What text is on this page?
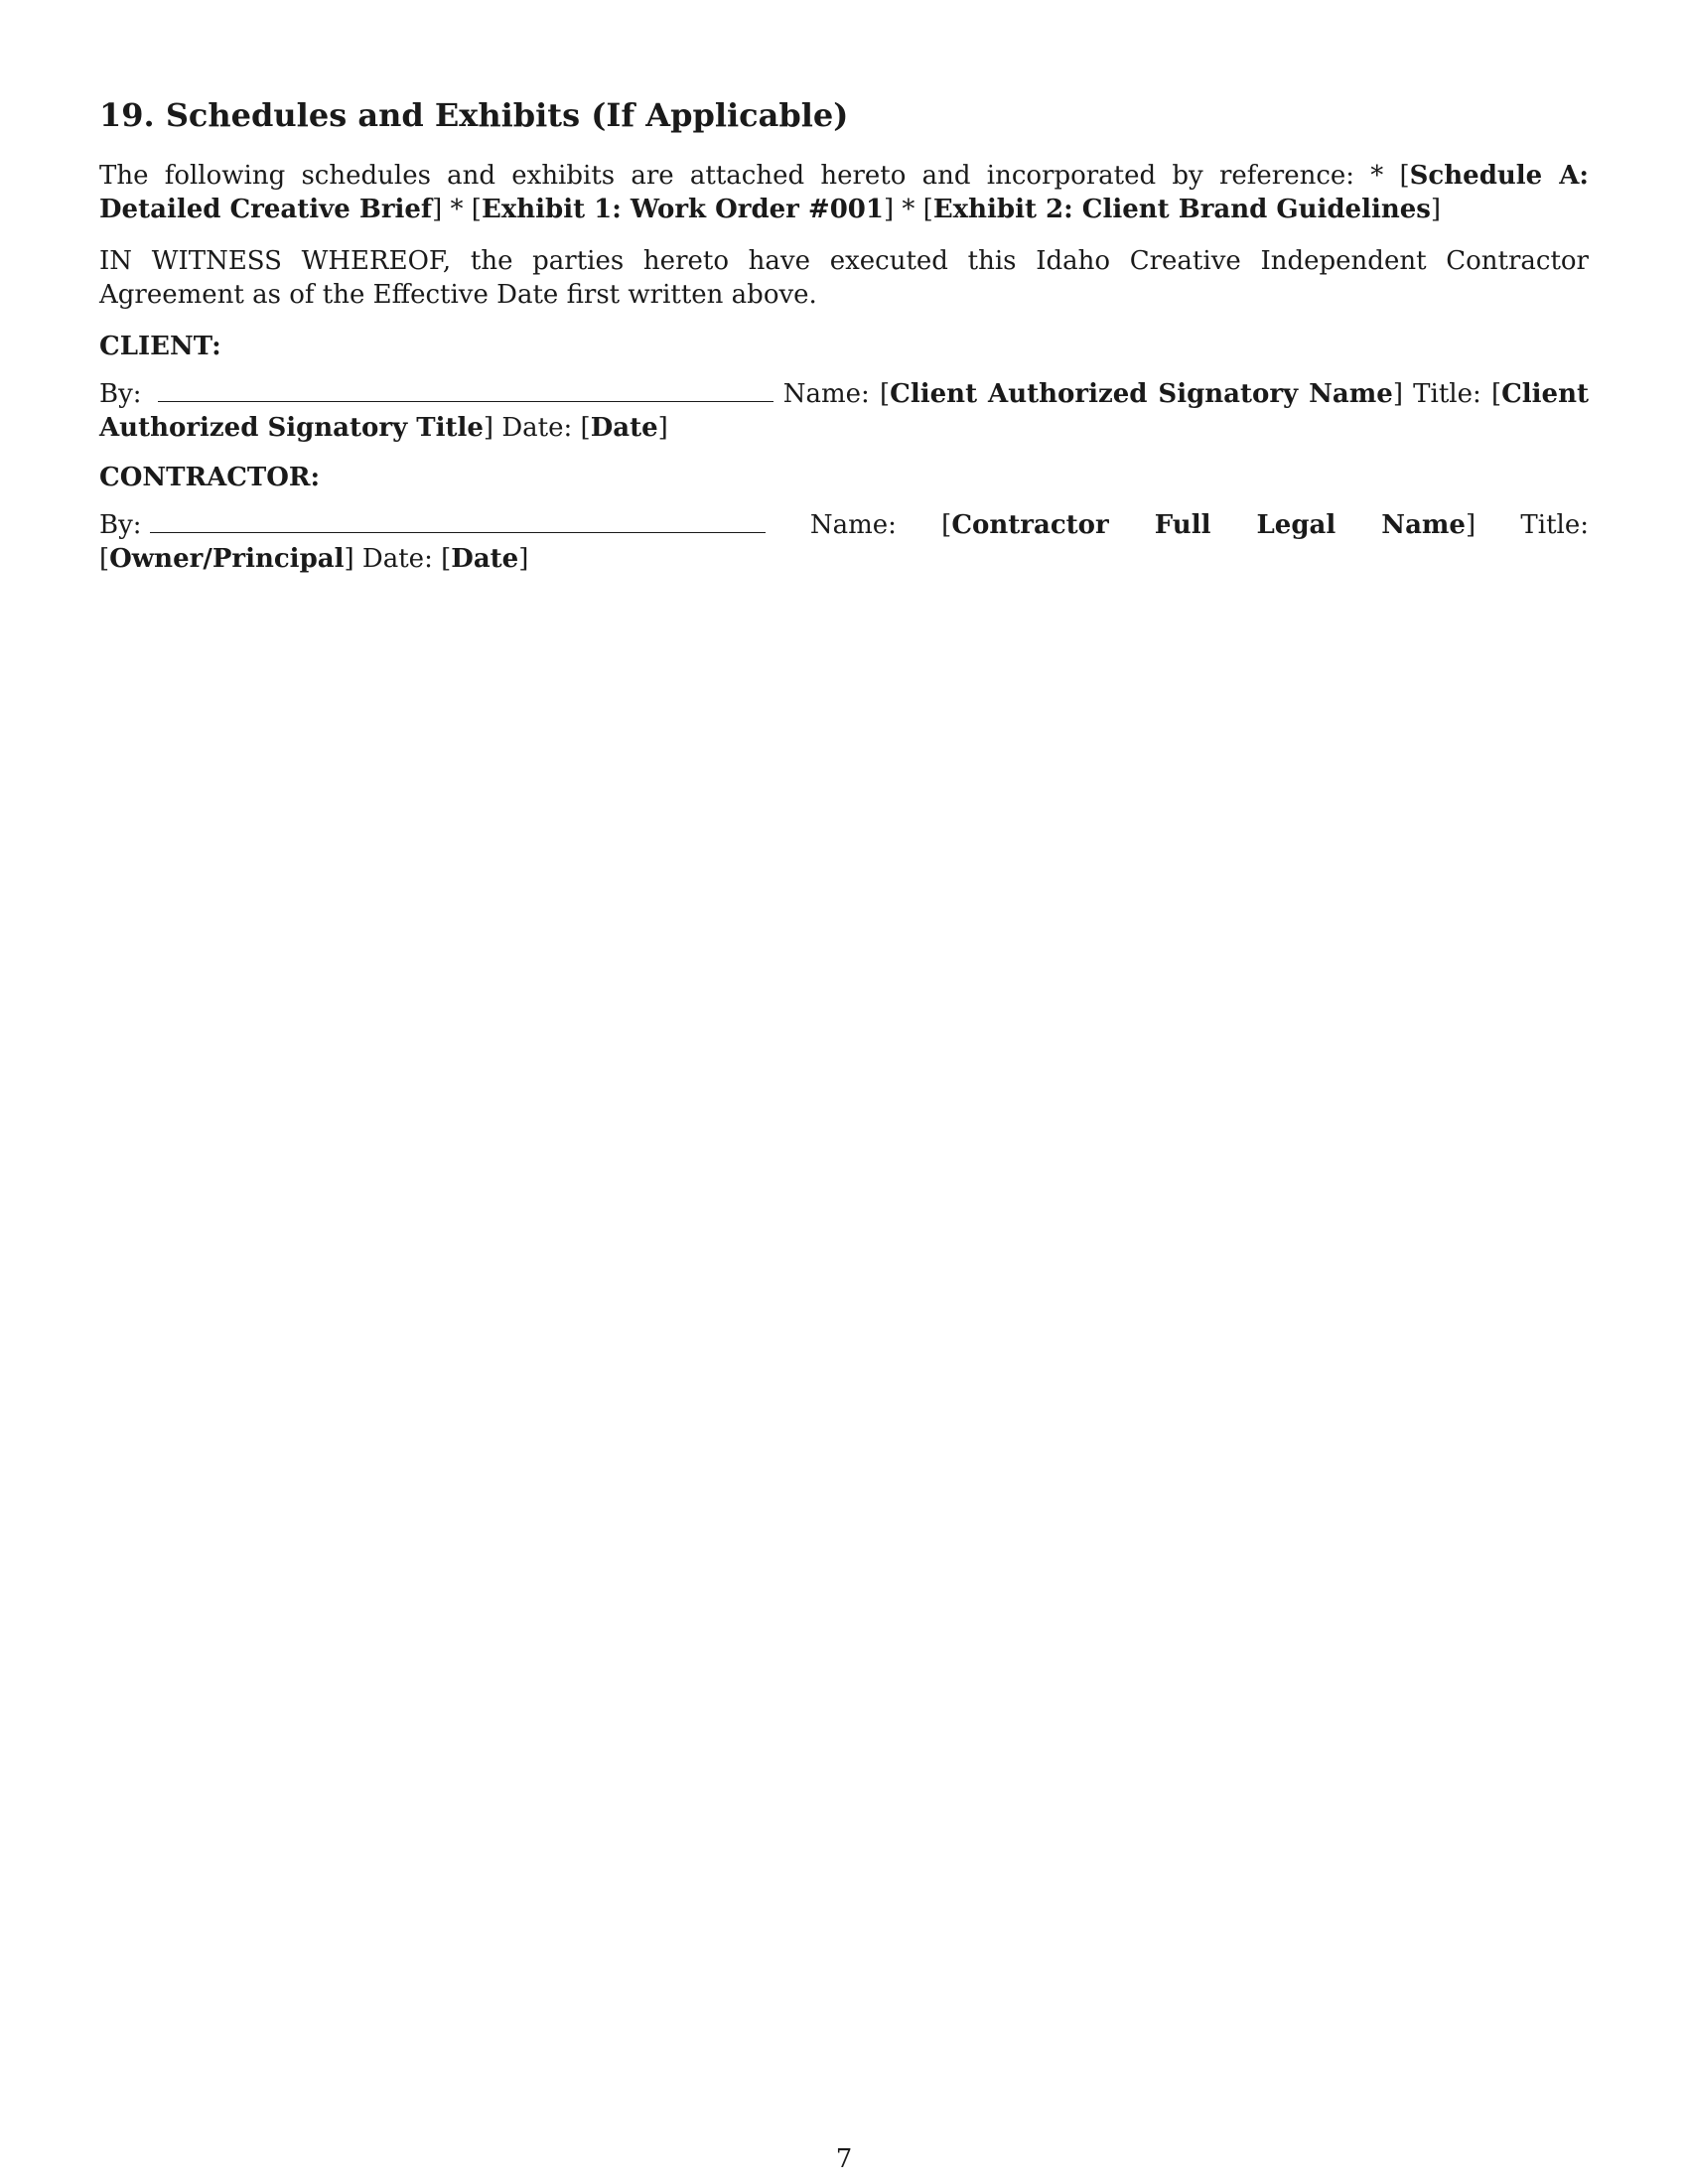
19. Schedules and Exhibits (If Applicable)

The following schedules and exhibits are attached hereto and incorporated by reference: * [Schedule A: Detailed Creative Brief] * [Exhibit 1: Work Order #001] * [Exhibit 2: Client Brand Guidelines]

IN WITNESS WHEREOF, the parties hereto have executed this Idaho Creative Independent Contractor Agreement as of the Effective Date first written above.

CLIENT:

By:	Name: [Client Authorized Signatory Name] Title: [Client Authorized Signatory Title] Date: [Date]

CONTRACTOR:

By:	Name: [Contractor Full Legal Name] Title: [Owner/Principal] Date: [Date]

7
